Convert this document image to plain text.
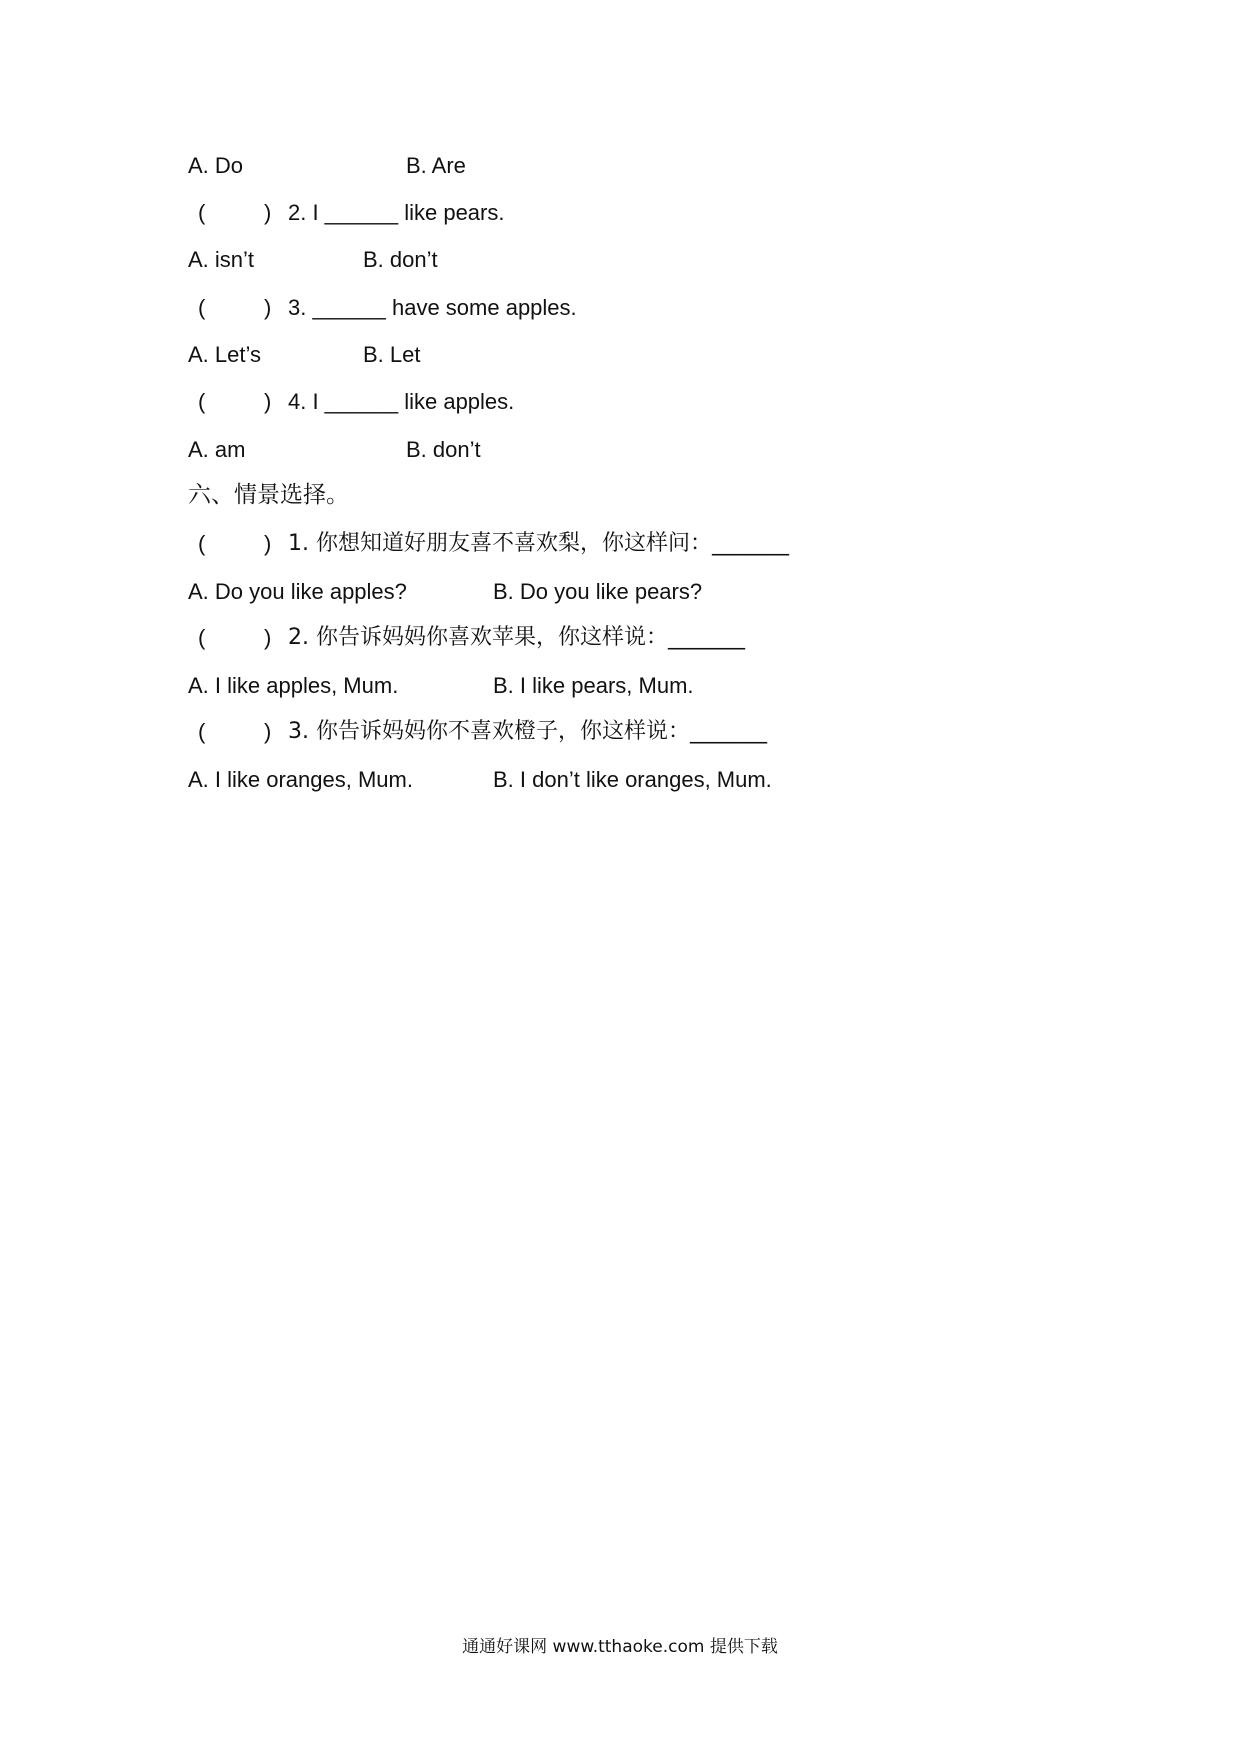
A. Do	B. Are
(	) 2. I ______ like pears.
A. isn’t	B. don’t
(	) 3. ______ have some apples.
A. Let’s	B. Let
(	) 4. I ______ like apples.
A. am	B. don’t
六、情景选择。
(	) 1. 你想知道好朋友喜不喜欢梨，你这样问：_______
A. Do you like apples?	B. Do you like pears?
(	) 2. 你告诉妈妈你喜欢苹果，你这样说：_______
A. I like apples, Mum.	B. I like pears, Mum.
(	) 3. 你告诉妈妈你不喜欢橙子，你这样说：_______
A. I like oranges, Mum.	B. I don’t like oranges, Mum.
通通好课网 www.tthaoke.com 提供下载
